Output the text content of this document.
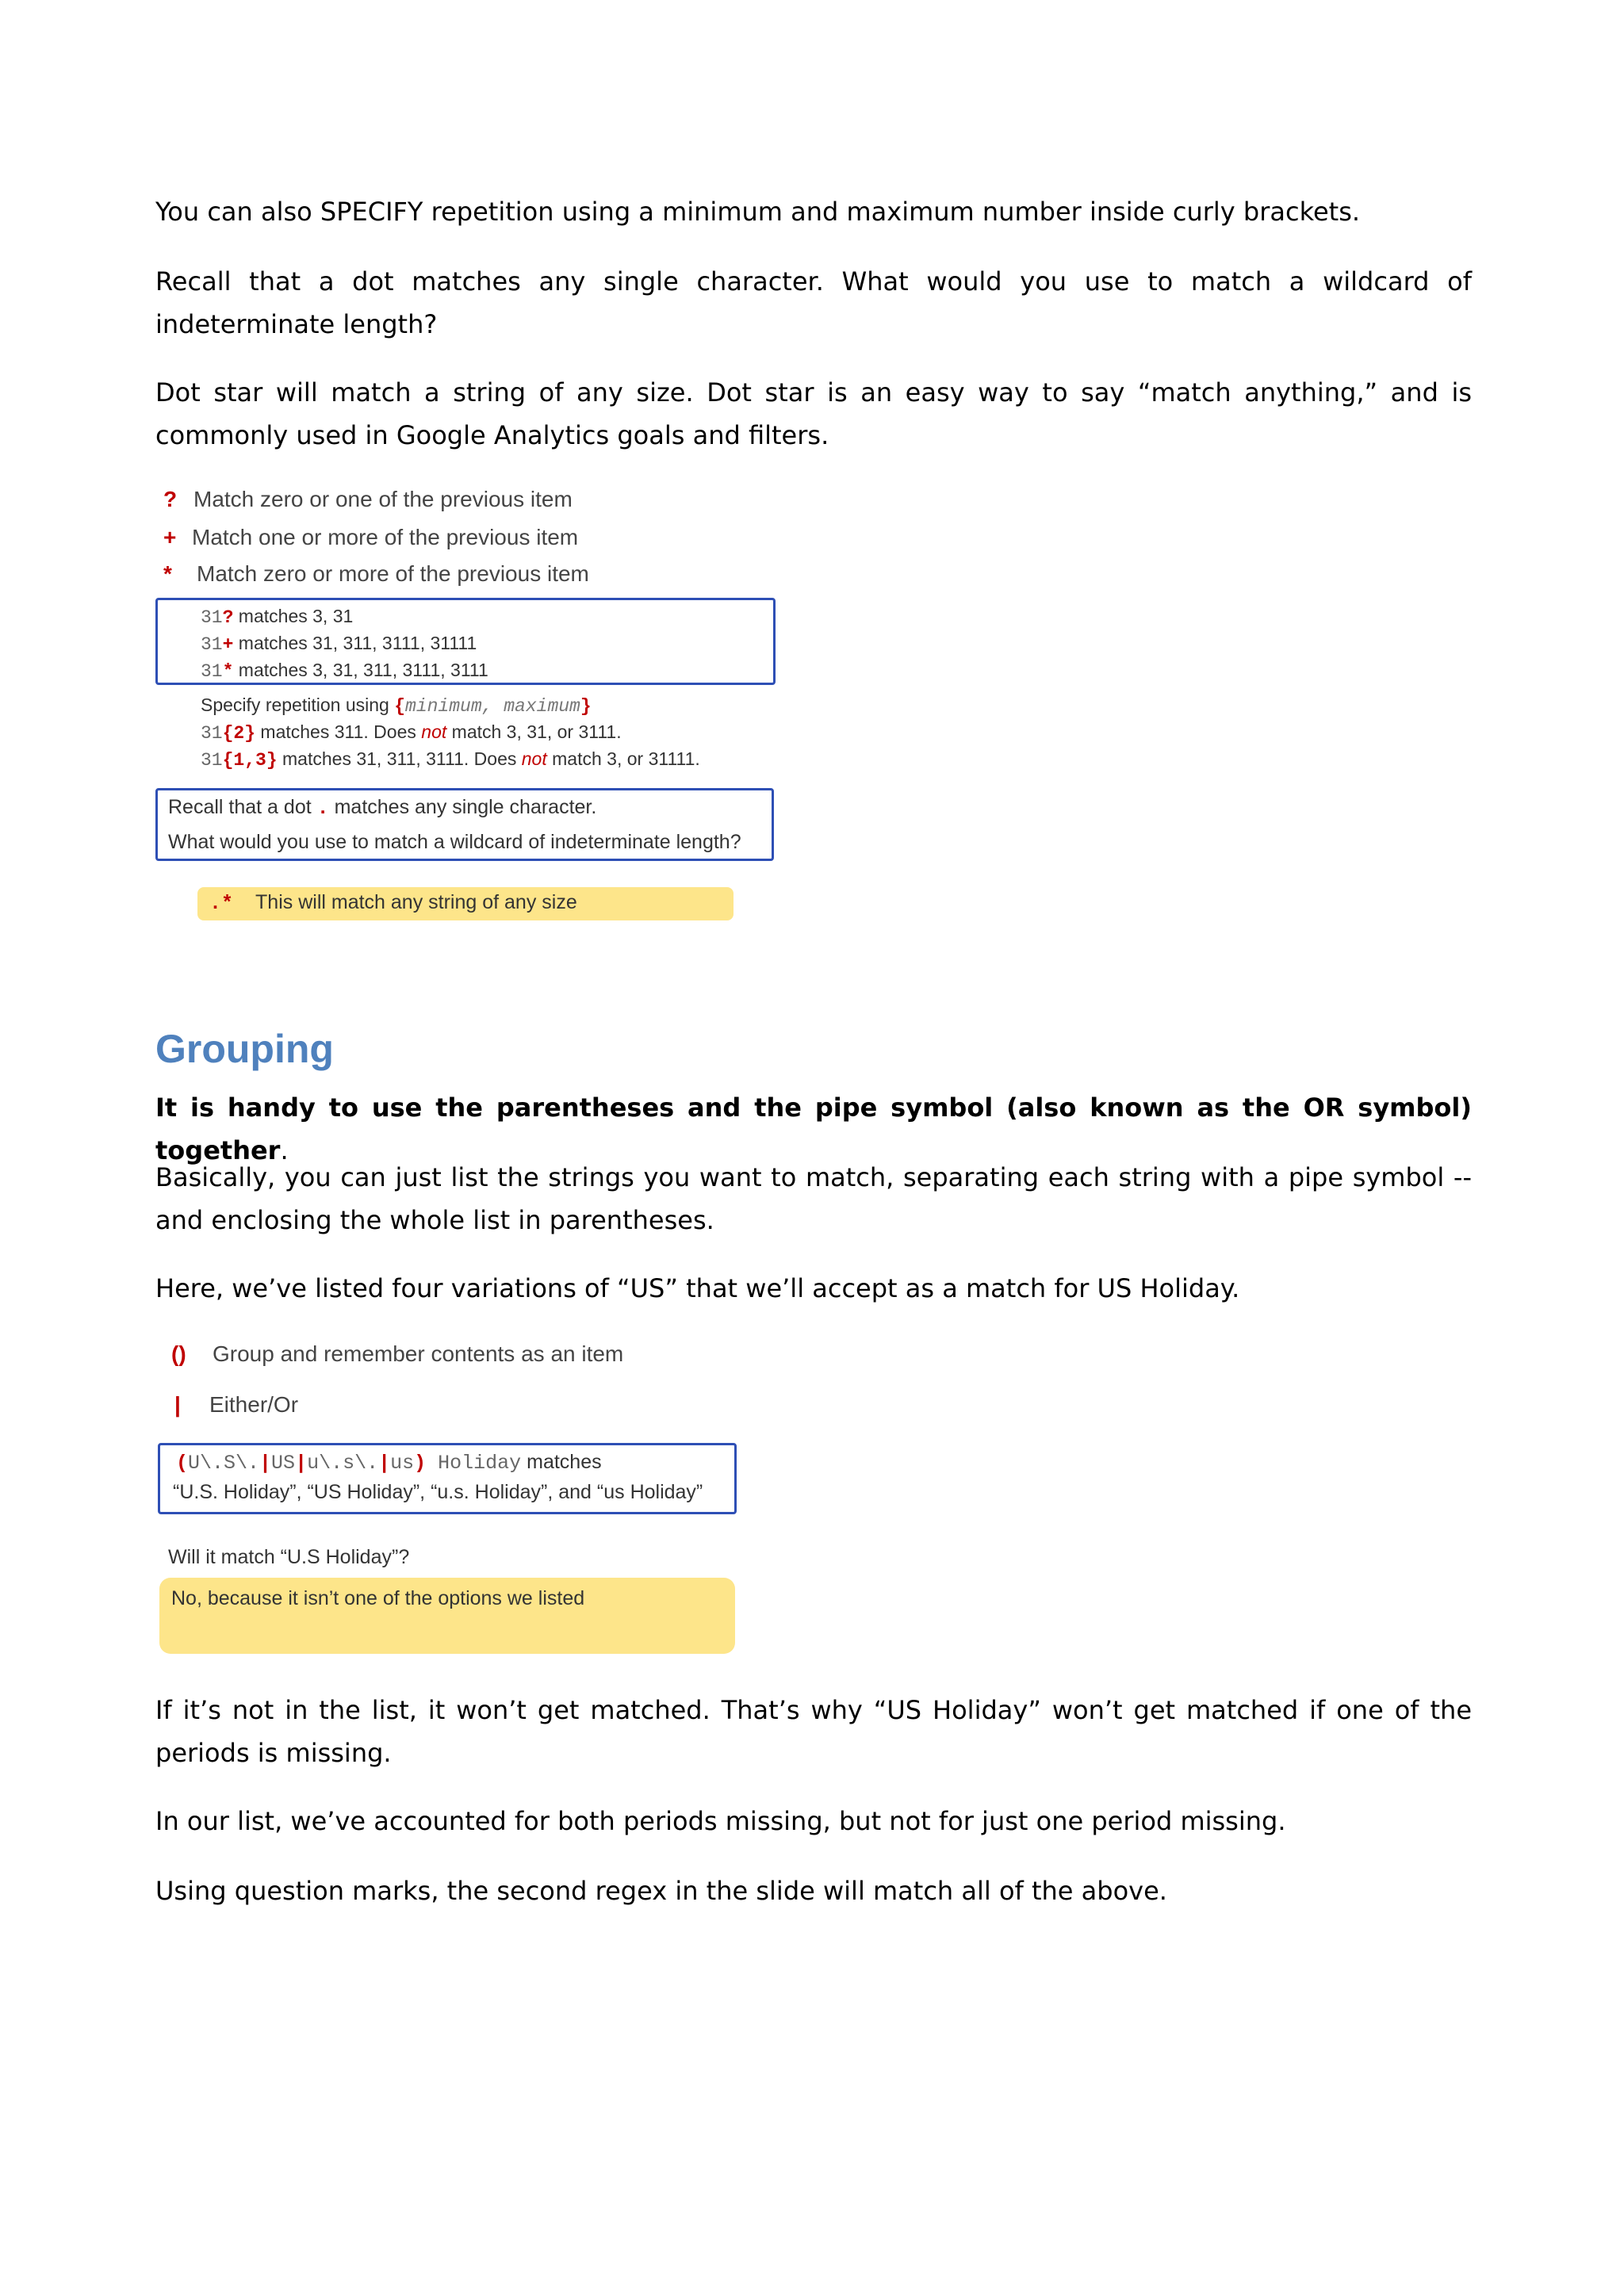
You can also SPECIFY repetition using a minimum and maximum number inside curly brackets.

Recall that a dot matches any single character. What would you use to match a wildcard of indeterminate length?

Dot star will match a string of any size. Dot star is an easy way to say “match anything,” and is commonly used in Google Analytics goals and filters.

? Match zero or one of the previous item
+ Match one or more of the previous item
* Match zero or more of the previous item
31? matches 3, 31
31+ matches 31, 311, 3111, 31111
31* matches 3, 31, 311, 3111, 3111
Specify repetition using {minimum, maximum}
31{2} matches 311. Does not match 3, 31, or 3111.
31{1,3} matches 31, 311, 3111. Does not match 3, or 31111.
Recall that a dot . matches any single character.
What would you use to match a wildcard of indeterminate length?
.* This will match any string of any size
Grouping

It is handy to use the parentheses and the pipe symbol (also known as the OR symbol) together.

Basically, you can just list the strings you want to match, separating each string with a pipe symbol -- and enclosing the whole list in parentheses.

Here, we’ve listed four variations of “US” that we’ll accept as a match for US Holiday.

() Group and remember contents as an item
| Either/Or
(U\.S\.|US|u\.s\.|us) Holiday matches
“U.S. Holiday”, “US Holiday”, “u.s. Holiday”, and “us Holiday”
Will it match “U.S Holiday”?
No, because it isn’t one of the options we listed

If it’s not in the list, it won’t get matched. That’s why “US Holiday” won’t get matched if one of the periods is missing.

In our list, we’ve accounted for both periods missing, but not for just one period missing.

Using question marks, the second regex in the slide will match all of the above.
